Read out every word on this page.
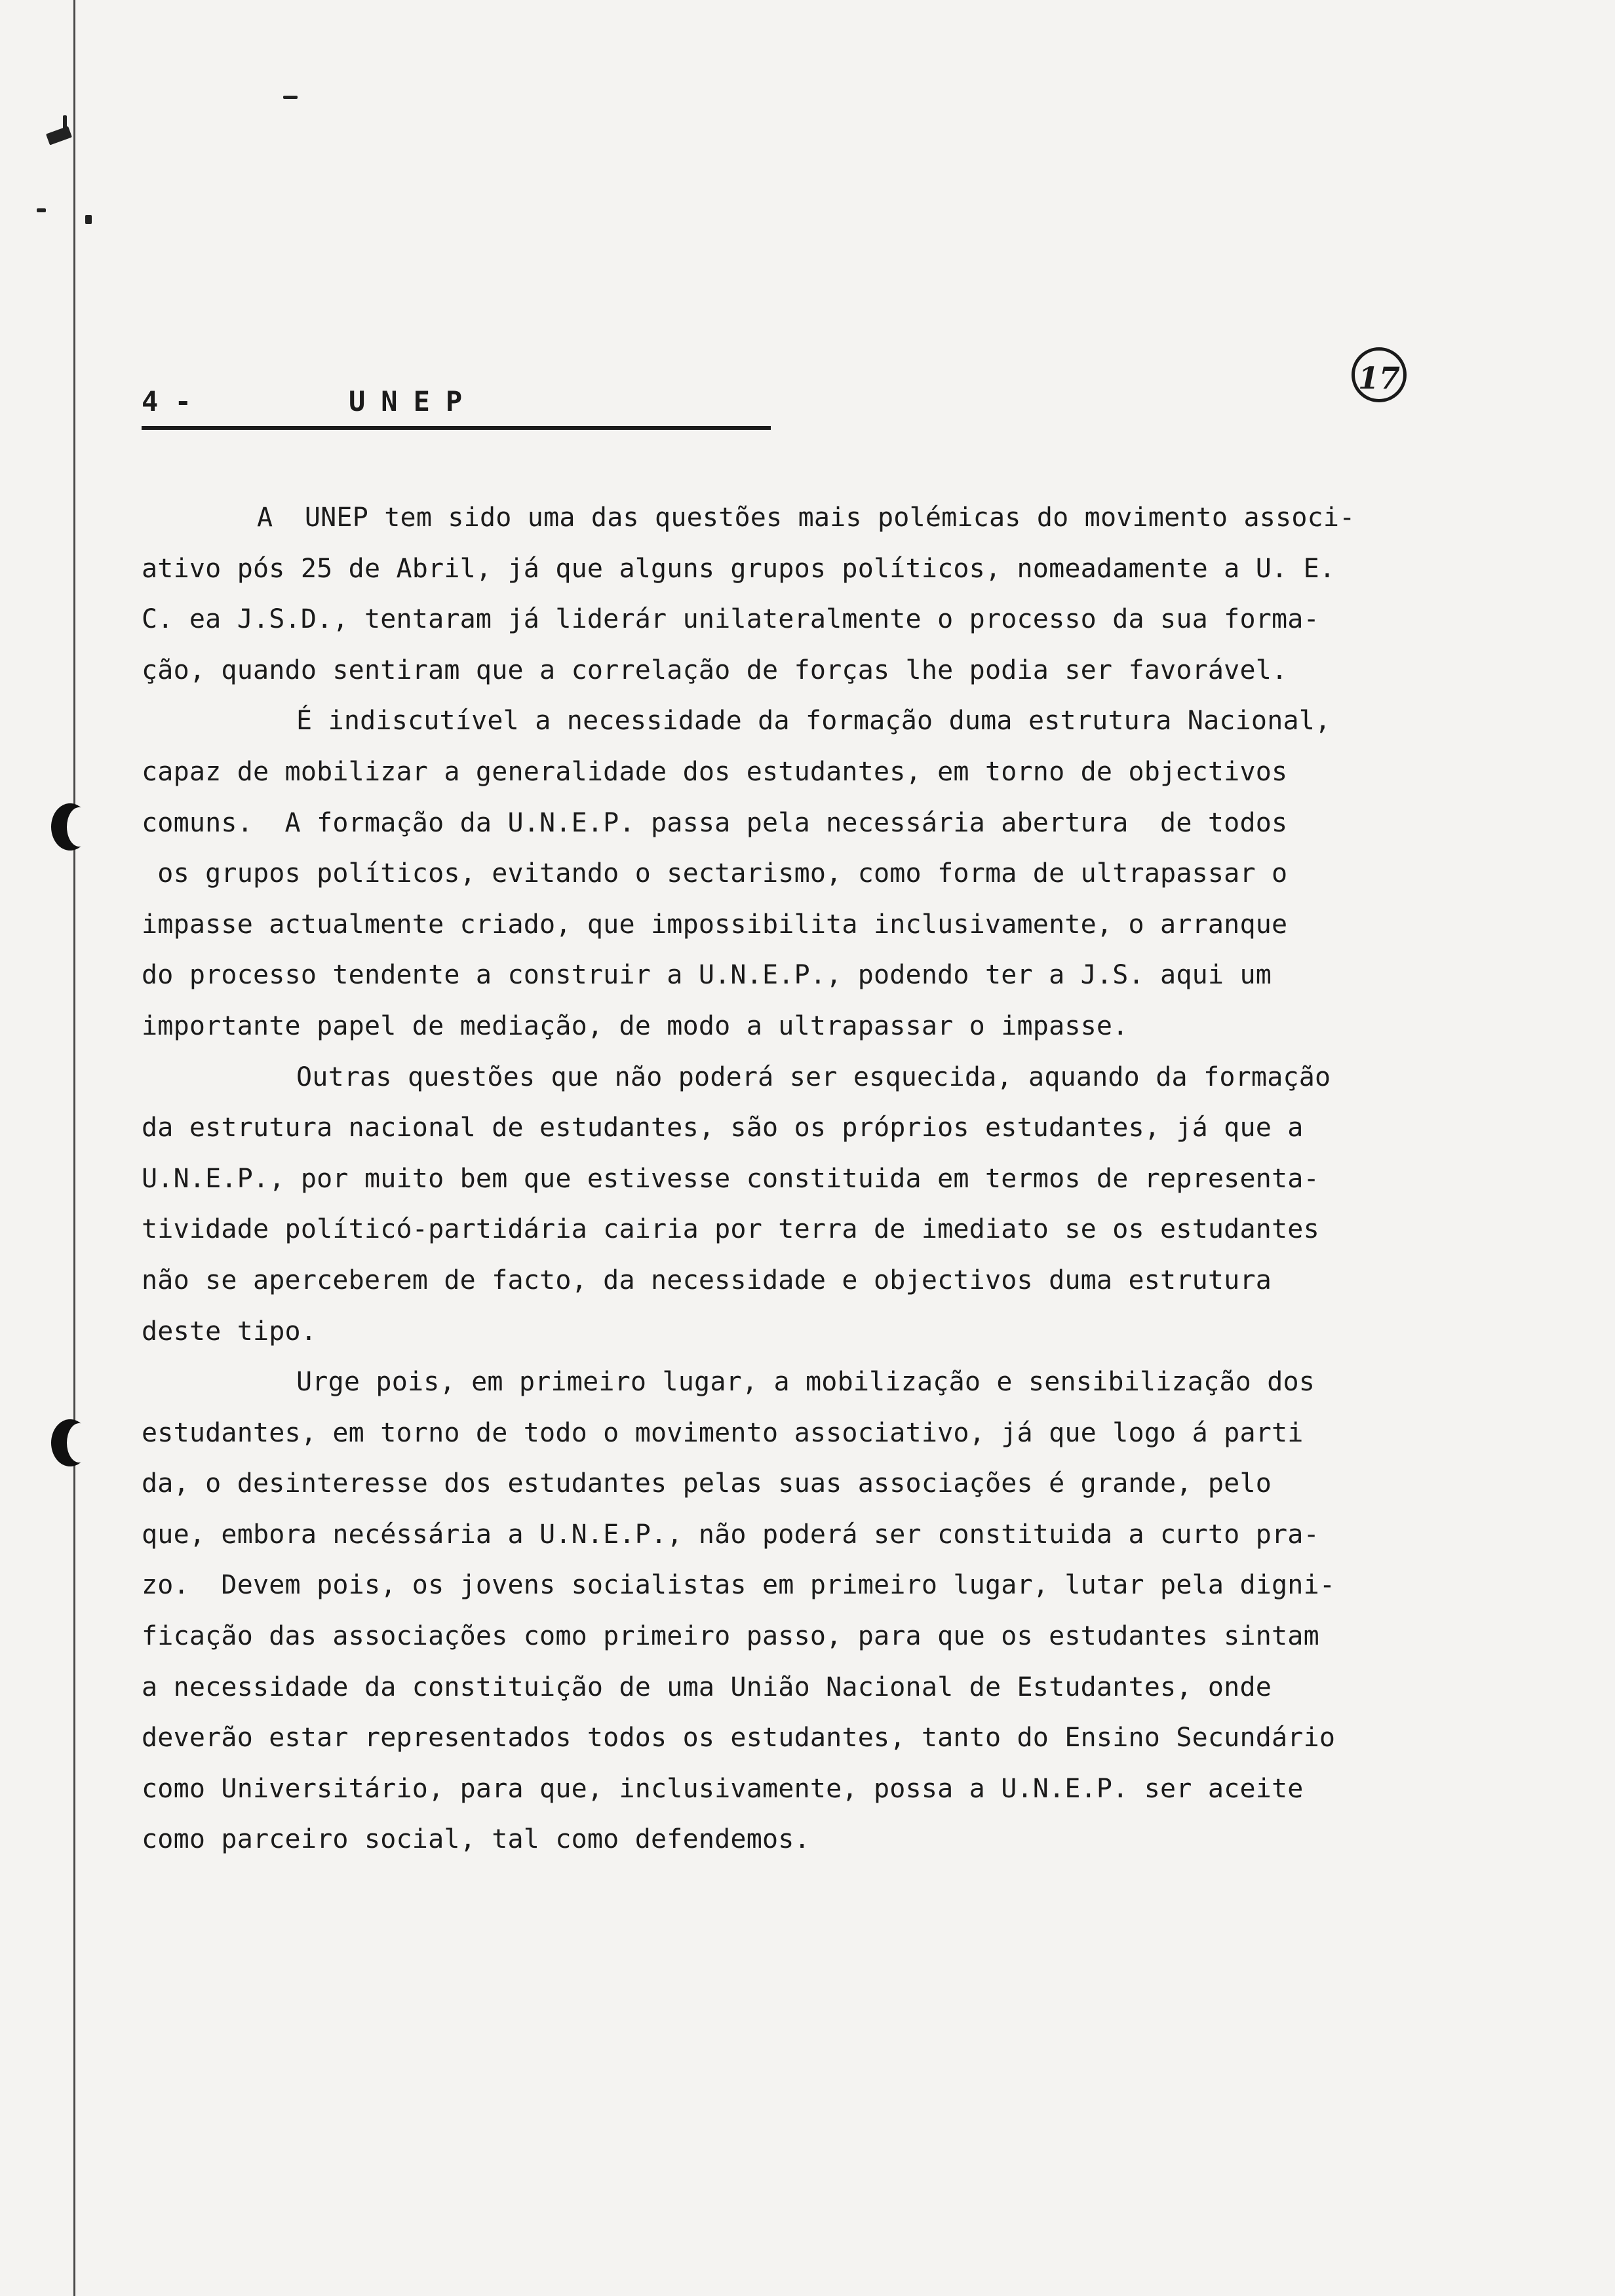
17
4 -	UNEP
A  UNEP tem sido uma das questões mais polémicas do movimento associ-
ativo pós 25 de Abril, já que alguns grupos políticos, nomeadamente a U. E.
C. ea J.S.D., tentaram já liderár unilateralmente o processo da sua forma-
ção, quando sentiram que a correlação de forças lhe podia ser favorável.
É indiscutível a necessidade da formação duma estrutura Nacional,
capaz de mobilizar a generalidade dos estudantes, em torno de objectivos
comuns.  A formação da U.N.E.P. passa pela necessária abertura  de todos
os grupos políticos, evitando o sectarismo, como forma de ultrapassar o
impasse actualmente criado, que impossibilita inclusivamente, o arranque
do processo tendente a construir a U.N.E.P., podendo ter a J.S. aqui um
importante papel de mediação, de modo a ultrapassar o impasse.
Outras questões que não poderá ser esquecida, aquando da formação
da estrutura nacional de estudantes, são os próprios estudantes, já que a
U.N.E.P., por muito bem que estivesse constituida em termos de representa-
tividade políticó-partidária cairia por terra de imediato se os estudantes
não se aperceberem de facto, da necessidade e objectivos duma estrutura
deste tipo.
Urge pois, em primeiro lugar, a mobilização e sensibilização dos
estudantes, em torno de todo o movimento associativo, já que logo á parti
da, o desinteresse dos estudantes pelas suas associações é grande, pelo
que, embora necéssária a U.N.E.P., não poderá ser constituida a curto pra-
zo.  Devem pois, os jovens socialistas em primeiro lugar, lutar pela digni-
ficação das associações como primeiro passo, para que os estudantes sintam
a necessidade da constituição de uma União Nacional de Estudantes, onde
deverão estar representados todos os estudantes, tanto do Ensino Secundário
como Universitário, para que, inclusivamente, possa a U.N.E.P. ser aceite
como parceiro social, tal como defendemos.
